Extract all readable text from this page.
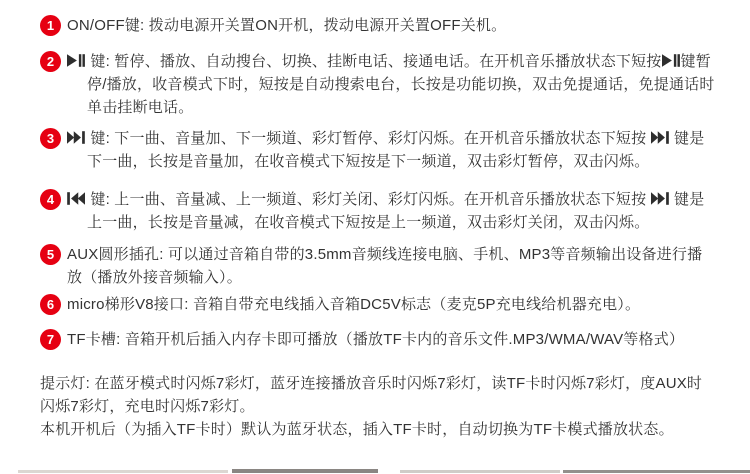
1 ON/OFF键: 拨动电源开关置ON开机，拨动电源开关置OFF关机。

2	键: 暂停、播放、自动搜台、切换、挂断电话、接通电话。在开机音乐播放状态下短按 键暂停/播放，收音模式下时，短按是自动搜索电台，长按是功能切换，双击免提通话，免提通话时单击挂断电话。

3	键: 下一曲、音量加、下一频道、彩灯暂停、彩灯闪烁。在开机音乐播放状态下短按  键是下一曲，长按是音量加，在收音模式下短按是下一频道，双击彩灯暂停，双击闪烁。

4	键: 上一曲、音量减、上一频道、彩灯关闭、彩灯闪烁。在开机音乐播放状态下短按  键是上一曲，长按是音量减，在收音模式下短按是上一频道，双击彩灯关闭，双击闪烁。

5 AUX圆形插孔: 可以通过音箱自带的3.5mm音频线连接电脑、手机、MP3等音频输出设备进行播放（播放外接音频输入）。

6 micro梯形V8接口: 音箱自带充电线插入音箱DC5V标志（麦克5P充电线给机器充电）。

7 TF卡槽: 音箱开机后插入内存卡即可播放（播放TF卡内的音乐文件.MP3/WMA/WAV等格式）

提示灯: 在蓝牙模式时闪烁7彩灯，蓝牙连接播放音乐时闪烁7彩灯，读TF卡时闪烁7彩灯，度AUX时闪烁7彩灯，充电时闪烁7彩灯。

本机开机后（为插入TF卡时）默认为蓝牙状态，插入TF卡时，自动切换为TF卡模式播放状态。
